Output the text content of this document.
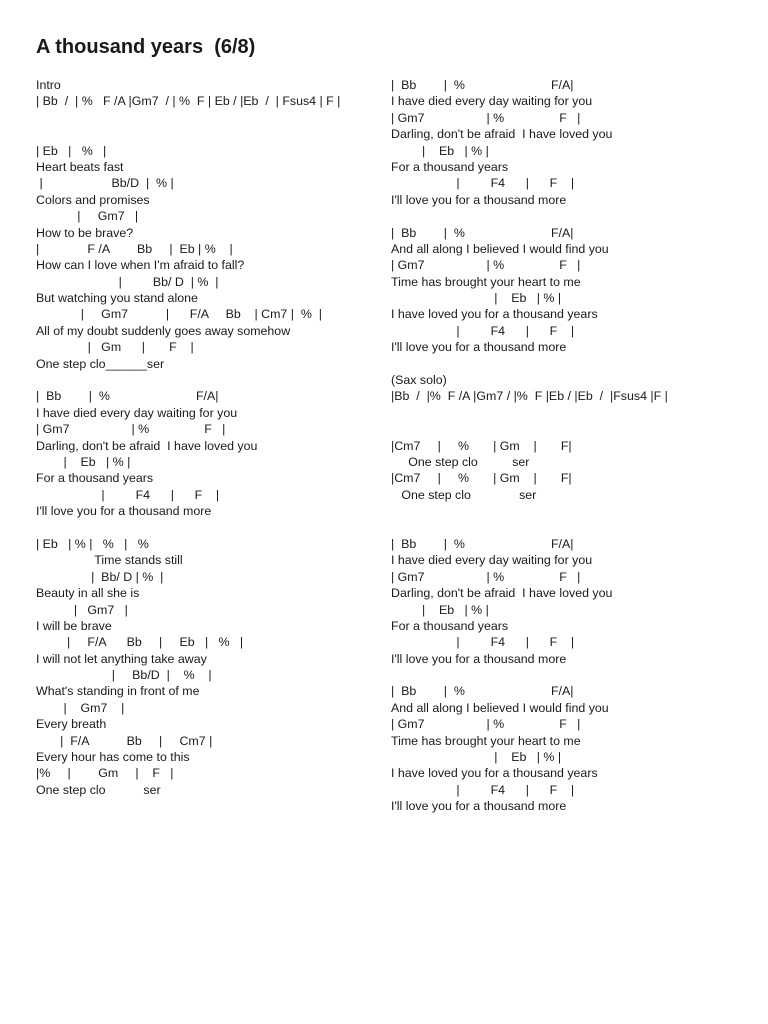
A thousand years  (6/8)
Intro
| Bb  /  | %   F /A |Gm7  / | %  F | Eb / |Eb  /  | Fsus4 | F |
| Eb   |   %   |
Heart beats fast
|                    Bb/D  |  % |
Colors and promises
|     Gm7   |
How to be brave?
|              F /A        Bb     |  Eb | %    |
How can I love when I'm afraid to fall?
|         Bb/ D  | %  |
But watching you stand alone
|     Gm7           |      F/A     Bb    | Cm7 |  %  |
All of my doubt suddenly goes away somehow
|   Gm      |       F    |
One step clo______ser
|  Bb        |  %                         F/A|
I have died every day waiting for you
| Gm7                  | %                F   |
Darling, don't be afraid  I have loved you
|    Eb   | % |
For a thousand years
|         F4      |      F    |
I'll love you for a thousand more
| Eb   | % |   %   |   %
Time stands still
|  Bb/ D | %  |
Beauty in all she is
|   Gm7   |
I will be brave
|     F/A      Bb     |     Eb   |   %   |
I will not let anything take away
|     Bb/D  |    %    |
What's standing in front of me
|    Gm7    |
Every breath
|  F/A           Bb     |     Cm7 |
Every hour has come to this
|%     |        Gm     |    F   |
One step clo           ser
|  Bb        |  %                         F/A|
I have died every day waiting for you
| Gm7                  | %                F   |
Darling, don't be afraid  I have loved you
|    Eb   | % |
For a thousand years
|         F4      |      F    |
I'll love you for a thousand more
|  Bb        |  %                         F/A|
And all along I believed I would find you
| Gm7                  | %                F   |
Time has brought your heart to me
|    Eb   | % |
I have loved you for a thousand years
|         F4      |      F    |
I'll love you for a thousand more
(Sax solo)
|Bb  /  |%  F /A |Gm7 / |%  F |Eb / |Eb  /  |Fsus4 |F |
|Cm7     |     %       | Gm    |       F|
One step clo          ser
|Cm7     |     %       | Gm    |       F|
One step clo              ser
|  Bb        |  %                         F/A|
I have died every day waiting for you
| Gm7                  | %                F   |
Darling, don't be afraid  I have loved you
|    Eb   | % |
For a thousand years
|         F4      |      F    |
I'll love you for a thousand more
|  Bb        |  %                         F/A|
And all along I believed I would find you
| Gm7                  | %                F   |
Time has brought your heart to me
|    Eb   | % |
I have loved you for a thousand years
|         F4      |      F    |
I'll love you for a thousand more
